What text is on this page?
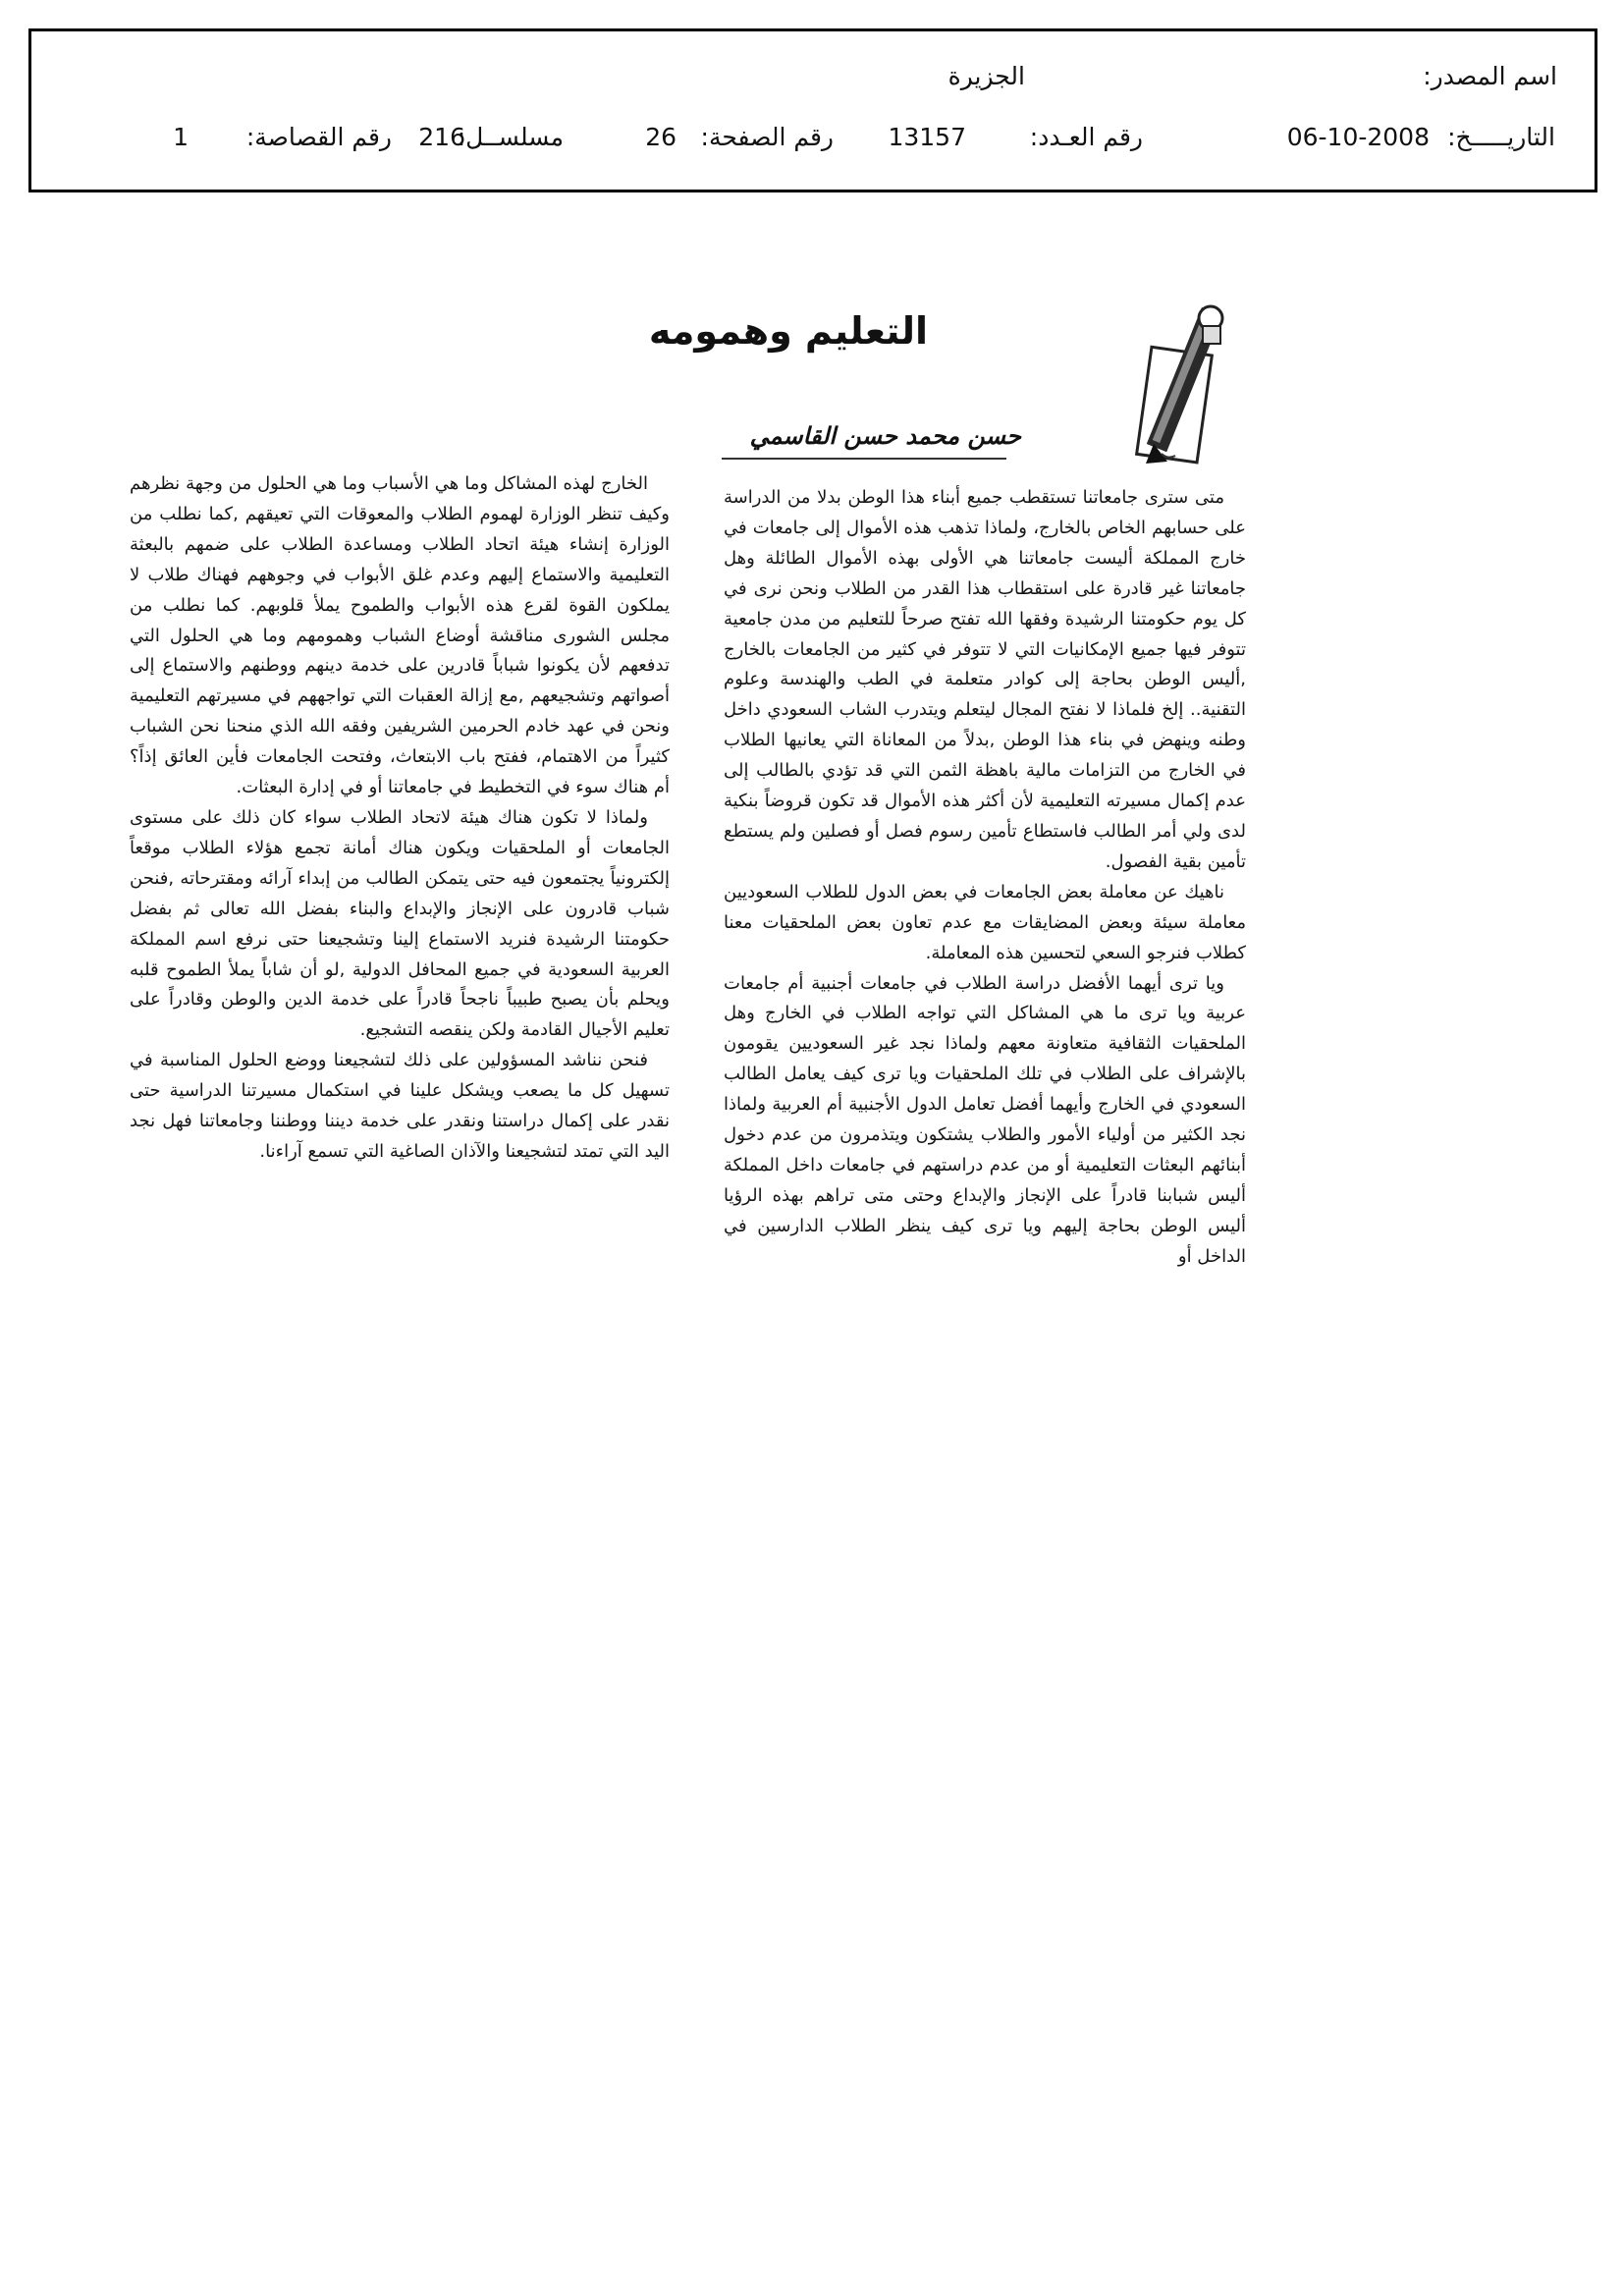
اسم المصدر:
الجزيرة
التاريـــــخ:
06-10-2008
رقم العـدد:
13157
رقم الصفحة:
26
مسلســل:
216
رقم القصاصة:
1
التعليم وهمومه
حسن محمد حسن القاسمي

متى سترى جامعاتنا تستقطب جميع أبناء هذا الوطن بدلا من الدراسة على حسابهم الخاص بالخارج، ولماذا تذهب هذه الأموال إلى جامعات في خارج المملكة أليست جامعاتنا هي الأولى بهذه الأموال الطائلة وهل جامعاتنا غير قادرة على استقطاب هذا القدر من الطلاب ونحن نرى في كل يوم حكومتنا الرشيدة وفقها الله تفتح صرحاً للتعليم من مدن جامعية تتوفر فيها جميع الإمكانيات التي لا تتوفر في كثير من الجامعات بالخارج ,أليس الوطن بحاجة إلى كوادر متعلمة في الطب والهندسة وعلوم التقنية.. إلخ فلماذا لا نفتح المجال ليتعلم ويتدرب الشاب السعودي داخل وطنه وينهض في بناء هذا الوطن ,بدلاً من المعاناة التي يعانيها الطلاب في الخارج من التزامات مالية باهظة الثمن التي قد تؤدي بالطالب إلى عدم إكمال مسيرته التعليمية لأن أكثر هذه الأموال قد تكون قروضاً بنكية لدى ولي أمر الطالب فاستطاع تأمين رسوم فصل أو فصلين ولم يستطع تأمين بقية الفصول.

ناهيك عن معاملة بعض الجامعات في بعض الدول للطلاب السعوديين معاملة سيئة وبعض المضايقات مع عدم تعاون بعض الملحقيات معنا كطلاب فنرجو السعي لتحسين هذه المعاملة.

ويا ترى أيهما الأفضل دراسة الطلاب في جامعات أجنبية أم جامعات عربية ويا ترى ما هي المشاكل التي تواجه الطلاب في الخارج وهل الملحقيات الثقافية متعاونة معهم ولماذا نجد غير السعوديين يقومون بالإشراف على الطلاب في تلك الملحقيات ويا ترى كيف يعامل الطالب السعودي في الخارج وأيهما أفضل تعامل الدول الأجنبية أم العربية ولماذا نجد الكثير من أولياء الأمور والطلاب يشتكون ويتذمرون من عدم دخول أبنائهم البعثات التعليمية أو من عدم دراستهم في جامعات داخل المملكة أليس شبابنا قادراً على الإنجاز والإبداع وحتى متى تراهم بهذه الرؤيا أليس الوطن بحاجة إليهم ويا ترى كيف ينظر الطلاب الدارسين في الداخل أو

الخارج لهذه المشاكل وما هي الأسباب وما هي الحلول من وجهة نظرهم وكيف تنظر الوزارة لهموم الطلاب والمعوقات التي تعيقهم ,كما نطلب من الوزارة إنشاء هيئة اتحاد الطلاب ومساعدة الطلاب على ضمهم بالبعثة التعليمية والاستماع إليهم وعدم غلق الأبواب في وجوههم فهناك طلاب لا يملكون القوة لقرع هذه الأبواب والطموح يملأ قلوبهم. كما نطلب من مجلس الشورى مناقشة أوضاع الشباب وهمومهم وما هي الحلول التي تدفعهم لأن يكونوا شباباً قادرين على خدمة دينهم ووطنهم والاستماع إلى أصواتهم وتشجيعهم ,مع إزالة العقبات التي تواجههم في مسيرتهم التعليمية ونحن في عهد خادم الحرمين الشريفين وفقه الله الذي منحنا نحن الشباب كثيراً من الاهتمام، ففتح باب الابتعاث، وفتحت الجامعات فأين العائق إذاً؟ أم هناك سوء في التخطيط في جامعاتنا أو في إدارة البعثات.

ولماذا لا تكون هناك هيئة لاتحاد الطلاب سواء كان ذلك على مستوى الجامعات أو الملحقيات ويكون هناك أمانة تجمع هؤلاء الطلاب موقعاً إلكترونياً يجتمعون فيه حتى يتمكن الطالب من إبداء آرائه ومقترحاته ,فنحن شباب قادرون على الإنجاز والإبداع والبناء بفضل الله تعالى ثم بفضل حكومتنا الرشيدة فنريد الاستماع إلينا وتشجيعنا حتى نرفع اسم المملكة العربية السعودية في جميع المحافل الدولية ,لو أن شاباً يملأ الطموح قلبه ويحلم بأن يصبح طبيباً ناجحاً قادراً على خدمة الدين والوطن وقادراً على تعليم الأجيال القادمة ولكن ينقصه التشجيع.

فنحن نناشد المسؤولين على ذلك لتشجيعنا ووضع الحلول المناسبة في تسهيل كل ما يصعب ويشكل علينا في استكمال مسيرتنا الدراسية حتى نقدر على إكمال دراستنا ونقدر على خدمة ديننا ووطننا وجامعاتنا فهل نجد اليد التي تمتد لتشجيعنا والآذان الصاغية التي تسمع آراءنا.
